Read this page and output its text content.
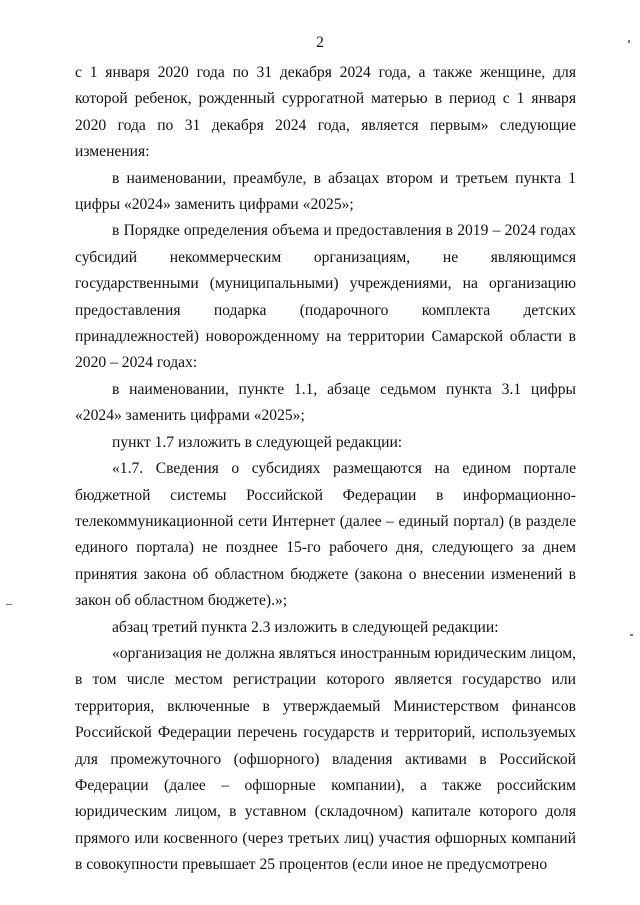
2

с 1 января 2020 года по 31 декабря 2024 года, а также женщине, для которой ребенок, рожденный суррогатной матерью в период с 1 января 2020 года по 31 декабря 2024 года, является первым» следующие изменения:

в наименовании, преамбуле, в абзацах втором и третьем пункта 1 цифры «2024» заменить цифрами «2025»;

в Порядке определения объема и предоставления в 2019 – 2024 годах субсидий некоммерческим организациям, не являющимся государственными (муниципальными) учреждениями, на организацию предоставления подарка (подарочного комплекта детских принадлежностей) новорожденному на территории Самарской области в 2020 – 2024 годах:

в наименовании, пункте 1.1, абзаце седьмом пункта 3.1 цифры «2024» заменить цифрами «2025»;

пункт 1.7 изложить в следующей редакции:

«1.7. Сведения о субсидиях размещаются на едином портале бюджетной системы Российской Федерации в информационно-телекоммуникационной сети Интернет (далее – единый портал) (в разделе единого портала) не позднее 15-го рабочего дня, следующего за днем принятия закона об областном бюджете (закона о внесении изменений в закон об областном бюджете).»;

абзац третий пункта 2.3 изложить в следующей редакции:

«организация не должна являться иностранным юридическим лицом, в том числе местом регистрации которого является государство или территория, включенные в утверждаемый Министерством финансов Российской Федерации перечень государств и территорий, используемых для промежуточного (офшорного) владения активами в Российской Федерации (далее – офшорные компании), а также российским юридическим лицом, в уставном (складочном) капитале которого доля прямого или косвенного (через третьих лиц) участия офшорных компаний в совокупности превышает 25 процентов (если иное не предусмотрено
